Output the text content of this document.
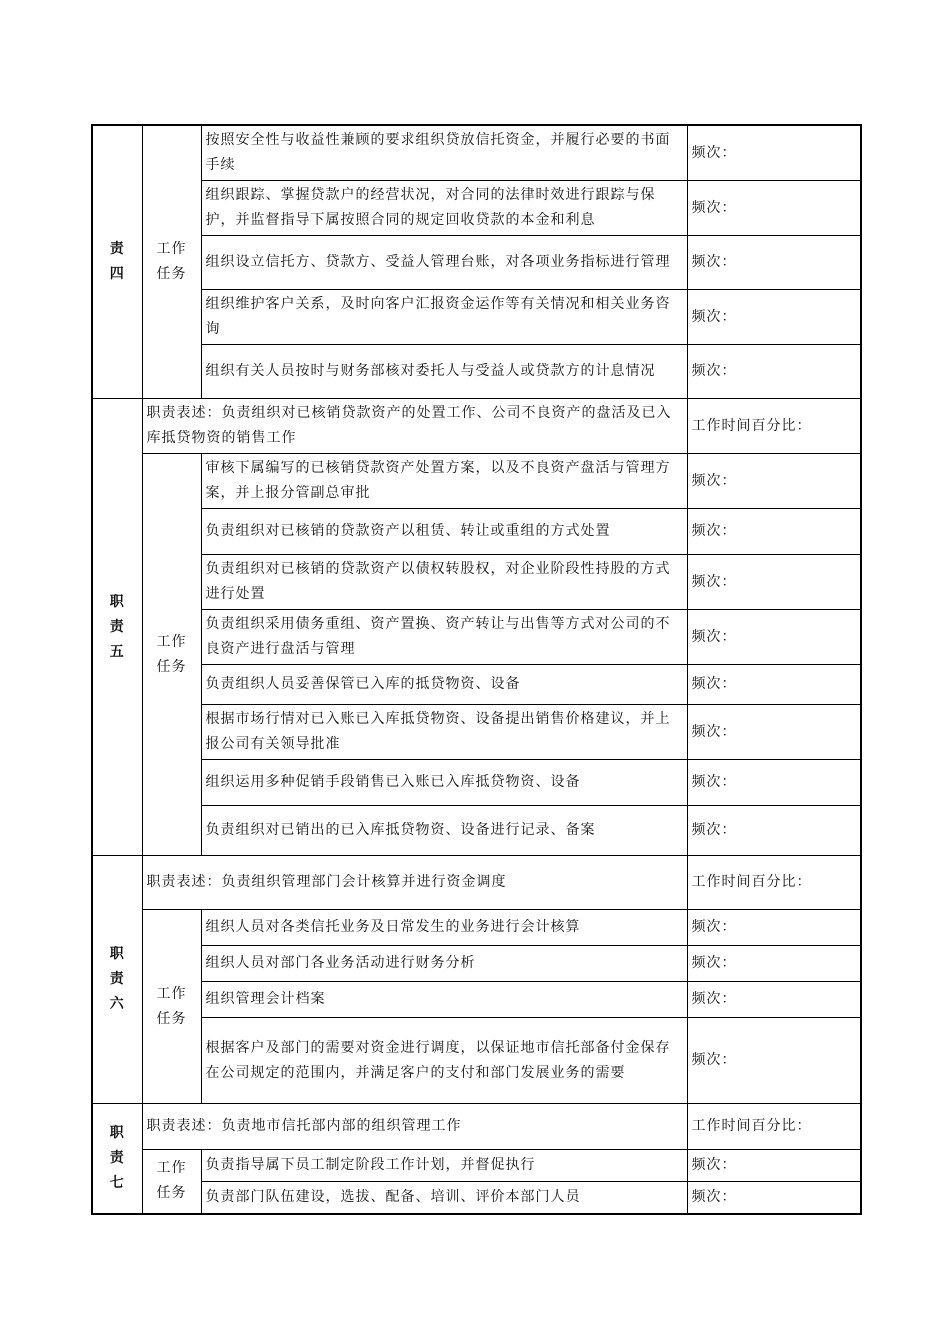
责
四	工作
任务	按照安全性与收益性兼顾的要求组织贷放信托资金，并履行必要的书面手续	频次：
		组织跟踪、掌握贷款户的经营状况，对合同的法律时效进行跟踪与保护，并监督指导下属按照合同的规定回收贷款的本金和利息	频次：
		组织设立信托方、贷款方、受益人管理台账，对各项业务指标进行管理	频次：
		组织维护客户关系，及时向客户汇报资金运作等有关情况和相关业务咨询	频次：
		组织有关人员按时与财务部核对委托人与受益人或贷款方的计息情况	频次：

职
责
五	职责表述：负责组织对已核销贷款资产的处置工作、公司不良资产的盘活及已入库抵贷物资的销售工作		工作时间百分比：

	工作
任务	审核下属编写的已核销贷款资产处置方案，以及不良资产盘活与管理方案，并上报分管副总审批	频次：
		负责组织对已核销的贷款资产以租赁、转让或重组的方式处置	频次：
		负责组织对已核销的贷款资产以债权转股权，对企业阶段性持股的方式进行处置	频次：
		负责组织采用债务重组、资产置换、资产转让与出售等方式对公司的不良资产进行盘活与管理	频次：
		负责组织人员妥善保管已入库的抵贷物资、设备	频次：
		根据市场行情对已入账已入库抵贷物资、设备提出销售价格建议，并上报公司有关领导批准	频次：
		组织运用多种促销手段销售已入账已入库抵贷物资、设备	频次：
		负责组织对已销出的已入库抵贷物资、设备进行记录、备案	频次：

职
责
六	职责表述：负责组织管理部门会计核算并进行资金调度		工作时间百分比：

	工作
任务	组织人员对各类信托业务及日常发生的业务进行会计核算	频次：
		组织人员对部门各业务活动进行财务分析	频次：
		组织管理会计档案	频次：
		根据客户及部门的需要对资金进行调度，以保证地市信托部备付金保存在公司规定的范围内，并满足客户的支付和部门发展业务的需要	频次：

职
责
七	职责表述：负责地市信托部内部的组织管理工作		工作时间百分比：

	工作
任务	负责指导属下员工制定阶段工作计划，并督促执行	频次：
		负责部门队伍建设，选拔、配备、培训、评价本部门人员	频次：
